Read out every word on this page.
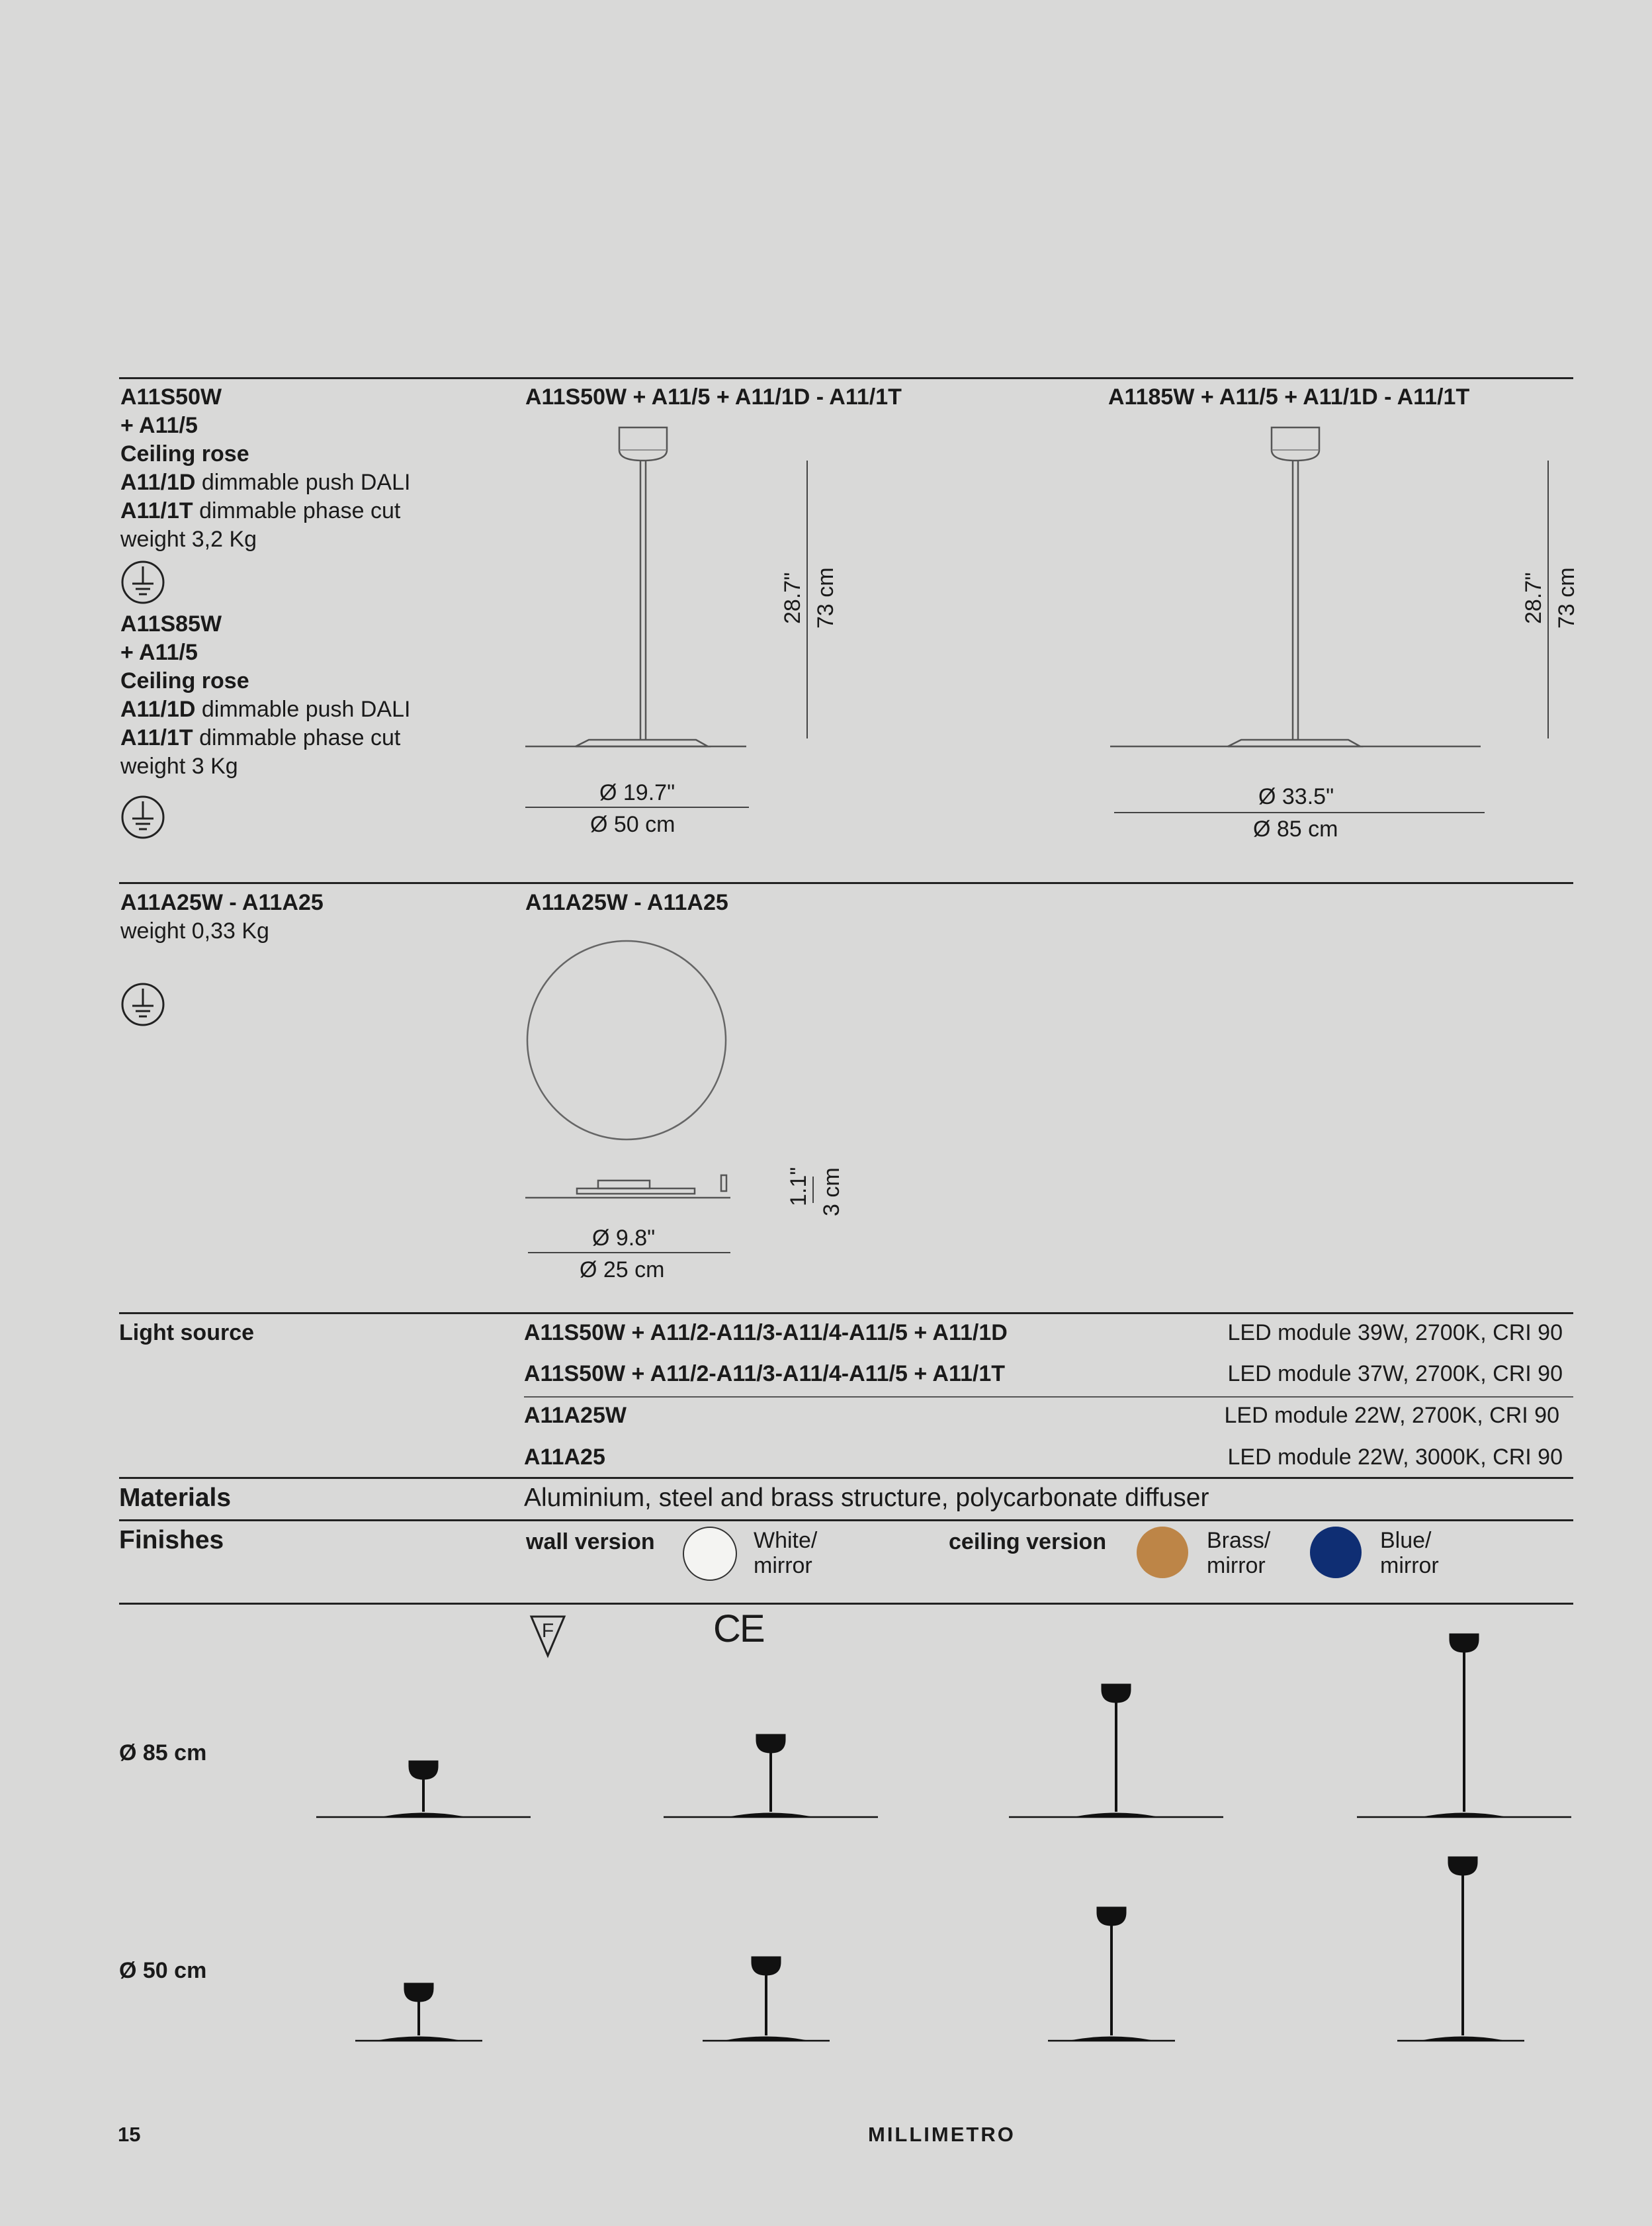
A11S50W
+ A11/5
Ceiling rose
A11/1D dimmable push DALI
A11/1T dimmable phase cut
weight 3,2 Kg
A11S85W
+ A11/5
Ceiling rose
A11/1D dimmable push DALI
A11/1T dimmable phase cut
weight 3 Kg
A11S50W + A11/5 + A11/1D - A11/1T
28.7" 73 cm
Ø 19.7"
Ø 50 cm
A1185W + A11/5 + A11/1D - A11/1T
28.7" 73 cm
Ø 33.5"
Ø 85 cm
A11A25W - A11A25
weight 0,33 Kg
A11A25W - A11A25
1.1" 3 cm
Ø 9.8"
Ø 25 cm
Light source	A11S50W + A11/2-A11/3-A11/4-A11/5 + A11/1D	LED module 39W, 2700K, CRI 90
A11S50W + A11/2-A11/3-A11/4-A11/5 + A11/1T	LED module 37W, 2700K, CRI 90
A11A25W	LED module 22W, 2700K, CRI 90
A11A25	LED module 22W, 3000K, CRI 90
Materials	Aluminium, steel and brass structure, polycarbonate diffuser
Finishes	wall version	White/
mirror
ceiling version	Brass/
mirror
Blue/
mirror
F	CE
Ø 85 cm
Ø 50 cm
15	MILLIMETRO
